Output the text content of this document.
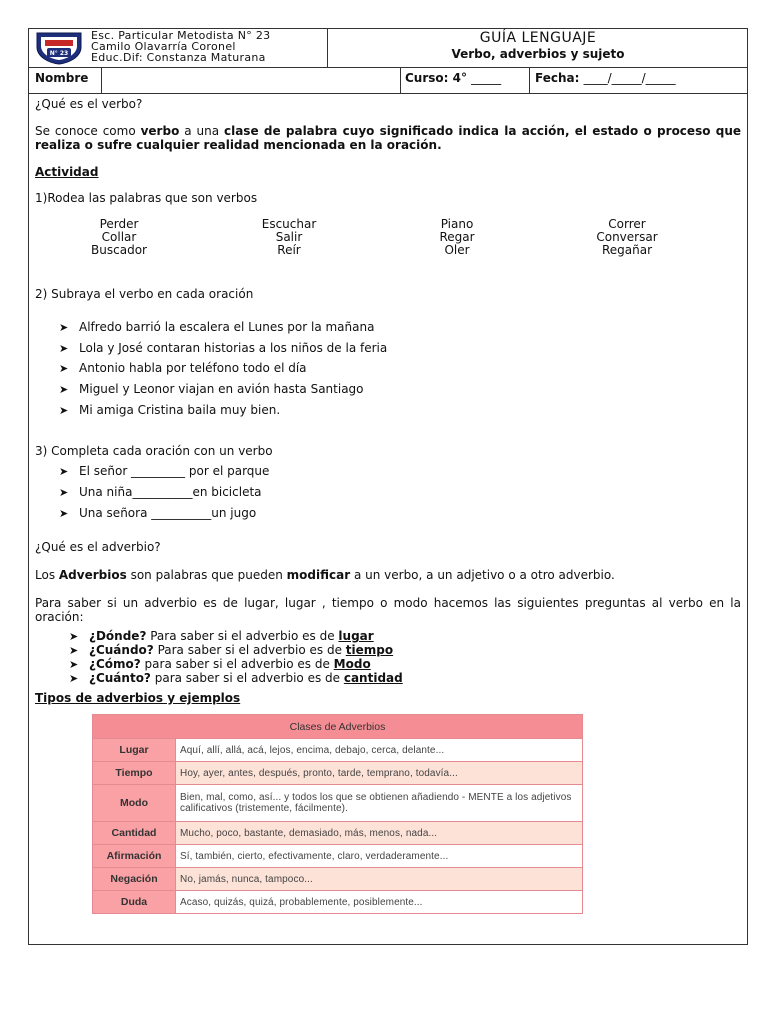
N° 23
Esc. Particular Metodista N° 23
Camilo Olavarría Coronel
Educ.Dif: Constanza Maturana
GUÍA LENGUAJE
Verbo, adverbios y sujeto
Nombre	Curso: 4° _____	Fecha: ____/_____/_____
¿Qué es el verbo?
Se conoce como verbo a una clase de palabra cuyo significado indica la acción, el estado o proceso que realiza o sufre cualquier realidad mencionada en la oración.
Actividad
1)Rodea las palabras que son verbos
Perder	Escuchar	Piano	Correr
Collar	Salir	Regar	Conversar
Buscador	Reír	Oler	Regañar
2) Subraya el verbo en cada oración
➤ Alfredo barrió la escalera el Lunes por la mañana
➤ Lola y José contaran historias a los niños de la feria
➤ Antonio habla por teléfono todo el día
➤ Miguel y Leonor viajan en avión hasta Santiago
➤ Mi amiga Cristina baila muy bien.
3) Completa cada oración con un verbo
➤ El señor _________ por el parque
➤ Una niña__________en bicicleta
➤ Una señora __________un jugo
¿Qué es el adverbio?
Los Adverbios son palabras que pueden modificar a un verbo, a un adjetivo o a otro adverbio.
Para saber si un adverbio es de lugar, lugar , tiempo o modo hacemos las siguientes preguntas al verbo en la oración:
➤ ¿Dónde? Para saber si el adverbio es de lugar
➤ ¿Cuándo? Para saber si el adverbio es de tiempo
➤ ¿Cómo? para saber si el adverbio es de Modo
➤ ¿Cuánto? para saber si el adverbio es de cantidad
Tipos de adverbios y ejemplos
Clases de Adverbios	
Lugar	Aquí, allí, allá, acá, lejos, encima, debajo, cerca, delante...
Tiempo	Hoy, ayer, antes, después, pronto, tarde, temprano, todavía...
Modo	Bien, mal, como, así... y todos los que se obtienen añadiendo - MENTE a los adjetivos calificativos (tristemente, fácilmente).
Cantidad	Mucho, poco, bastante, demasiado, más, menos, nada...
Afirmación	Sí, también, cierto, efectivamente, claro, verdaderamente...
Negación	No, jamás, nunca, tampoco...
Duda	Acaso, quizás, quizá, probablemente, posiblemente...
